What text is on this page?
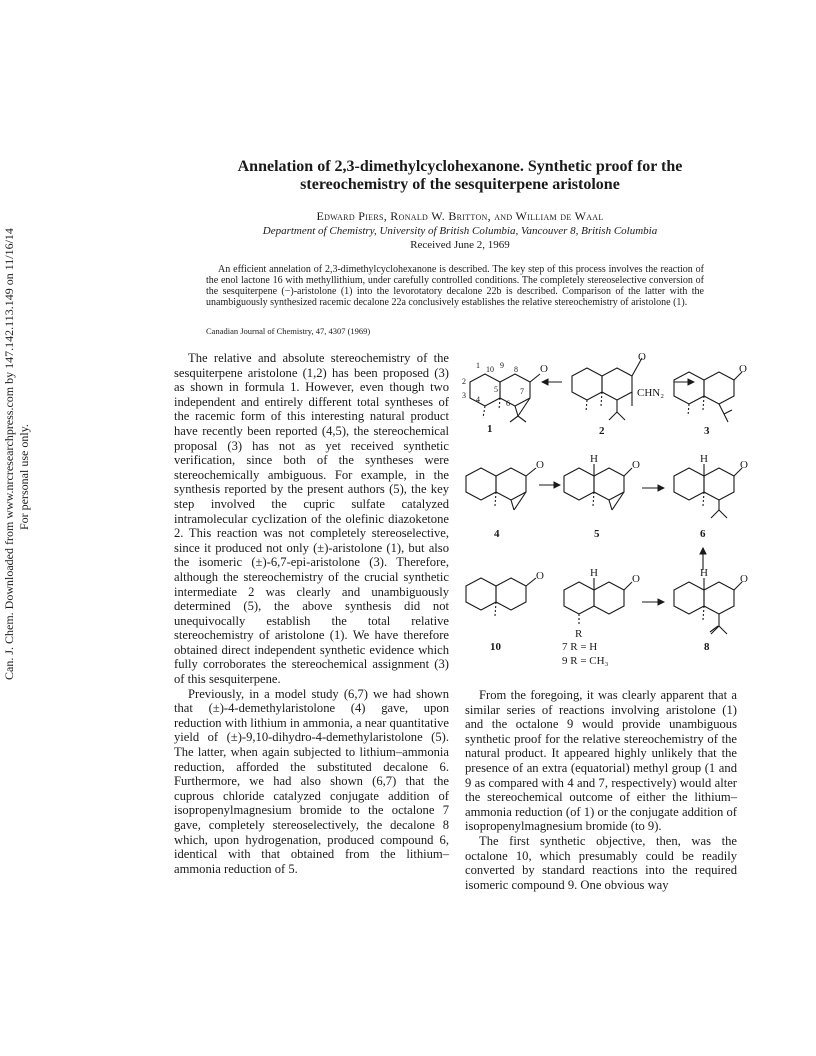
Can. J. Chem. Downloaded from www.nrcresearchpress.com by 147.142.113.149 on 11/16/14 For personal use only.
Annelation of 2,3-dimethylcyclohexanone. Synthetic proof for the
stereochemistry of the sesquiterpene aristolone
Edward Piers, Ronald W. Britton, and William de Waal
Department of Chemistry, University of British Columbia, Vancouver 8, British Columbia
Received June 2, 1969
An efficient annelation of 2,3-dimethylcyclohexanone is described. The key step of this process involves the reaction of the enol lactone 16 with methyllithium, under carefully controlled conditions. The completely stereoselective conversion of the sesquiterpene (−)-aristolone (1) into the levorotatory decalone 22b is described. Comparison of the latter with the unambiguously synthesized racemic decalone 22a conclusively establishes the relative stereochemistry of aristolone (1).
Canadian Journal of Chemistry, 47, 4307 (1969)

The relative and absolute stereochemistry of the sesquiterpene aristolone (1,2) has been proposed (3) as shown in formula 1. However, even though two independent and entirely different total syntheses of the racemic form of this interesting natural product have recently been reported (4,5), the stereochemical proposal (3) has not as yet received synthetic verification, since both of the syntheses were stereochemically ambiguous. For example, in the synthesis reported by the present authors (5), the key step involved the cupric sulfate catalyzed intramolecular cyclization of the olefinic diazoketone 2. This reaction was not completely stereoselective, since it produced not only (±)-aristolone (1), but also the isomeric (±)-6,7-epi-aristolone (3). Therefore, although the stereochemistry of the crucial synthetic intermediate 2 was clearly and unambiguously determined (5), the above synthesis did not unequivocally establish the total relative stereochemistry of aristolone (1). We have therefore obtained direct independent synthetic evidence which fully corroborates the stereochemical assignment (3) of this sesquiterpene.

Previously, in a model study (6,7) we had shown that (±)-4-demethylaristolone (4) gave, upon reduction with lithium in ammonia, a near quantitative yield of (±)-9,10-dihydro-4-demethylaristolone (5). The latter, when again subjected to lithium–ammonia reduction, afforded the substituted decalone 6. Furthermore, we had also shown (6,7) that the cuprous chloride catalyzed conjugate addition of isopropenylmagnesium bromide to the octalone 7 gave, completely stereoselectively, the decalone 8 which, upon hydrogenation, produced compound 6, identical with that obtained from the lithium–ammonia reduction of 5.

1 10 9 8
2
3 4
5
6
7
O
O
CHN₂
O
1	2	3
O	H	O	H	O
4	5	6
O	H	O
R
H	O
10	7 R = H
9 R = CH₃
8

From the foregoing, it was clearly apparent that a similar series of reactions involving aristolone (1) and the octalone 9 would provide unambiguous synthetic proof for the relative stereochemistry of the natural product. It appeared highly unlikely that the presence of an extra (equatorial) methyl group (1 and 9 as compared with 4 and 7, respectively) would alter the stereochemical outcome of either the lithium–ammonia reduction (of 1) or the conjugate addition of isopropenylmagnesium bromide (to 9).

The first synthetic objective, then, was the octalone 10, which presumably could be readily converted by standard reactions into the required isomeric compound 9. One obvious way
